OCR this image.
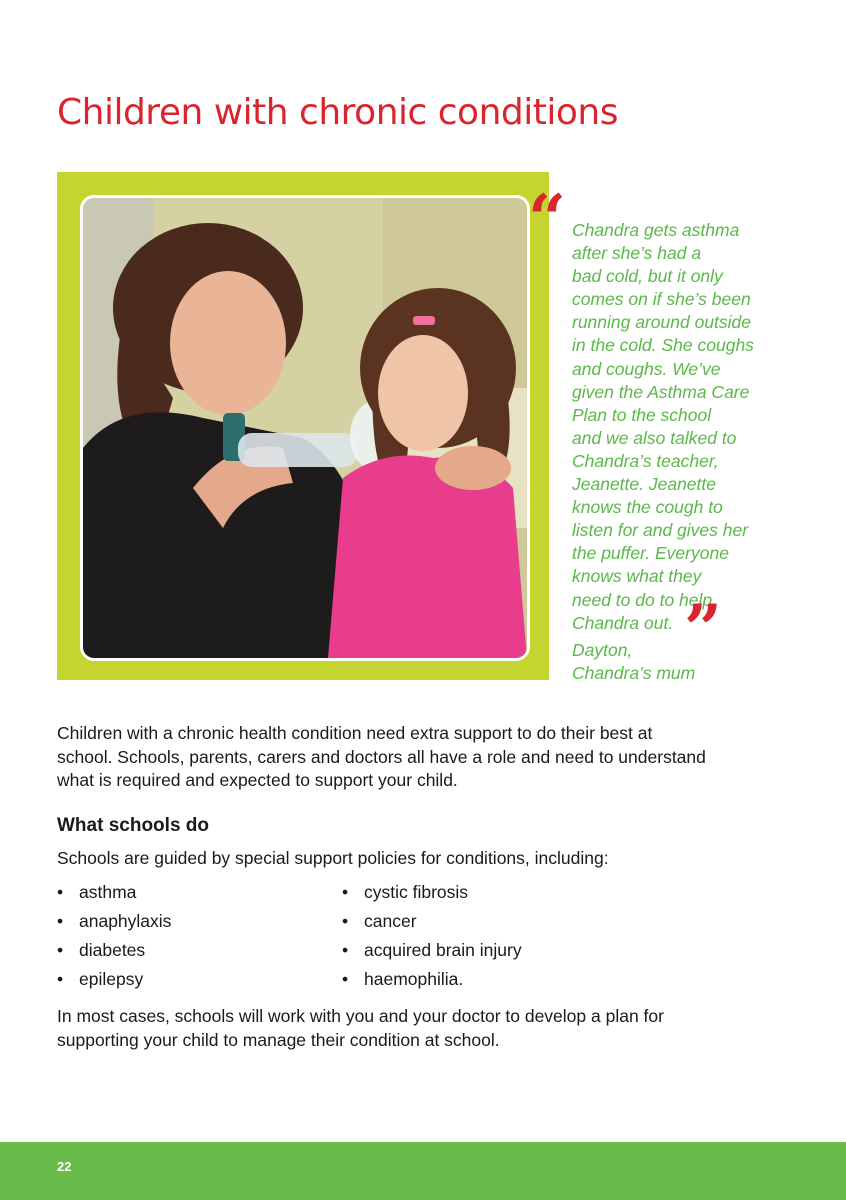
Children with chronic conditions
“ Chandra gets asthma
after she’s had a
bad cold, but it only
comes on if she’s been
running around outside
in the cold. She coughs
and coughs. We’ve
given the Asthma Care
Plan to the school
and we also talked to
Chandra’s teacher,
Jeanette. Jeanette
knows the cough to
listen for and gives her
the puffer. Everyone
knows what they
need to do to help
Chandra out. ”

Dayton,
Chandra’s mum

Children with a chronic health condition need extra support to do their best at
school. Schools, parents, carers and doctors all have a role and need to understand
what is required and expected to support your child.

What schools do

Schools are guided by special support policies for conditions, including:

• asthma
• anaphylaxis
• diabetes
• epilepsy
• cystic fibrosis
• cancer
• acquired brain injury
• haemophilia.

In most cases, schools will work with you and your doctor to develop a plan for
supporting your child to manage their condition at school.

22
